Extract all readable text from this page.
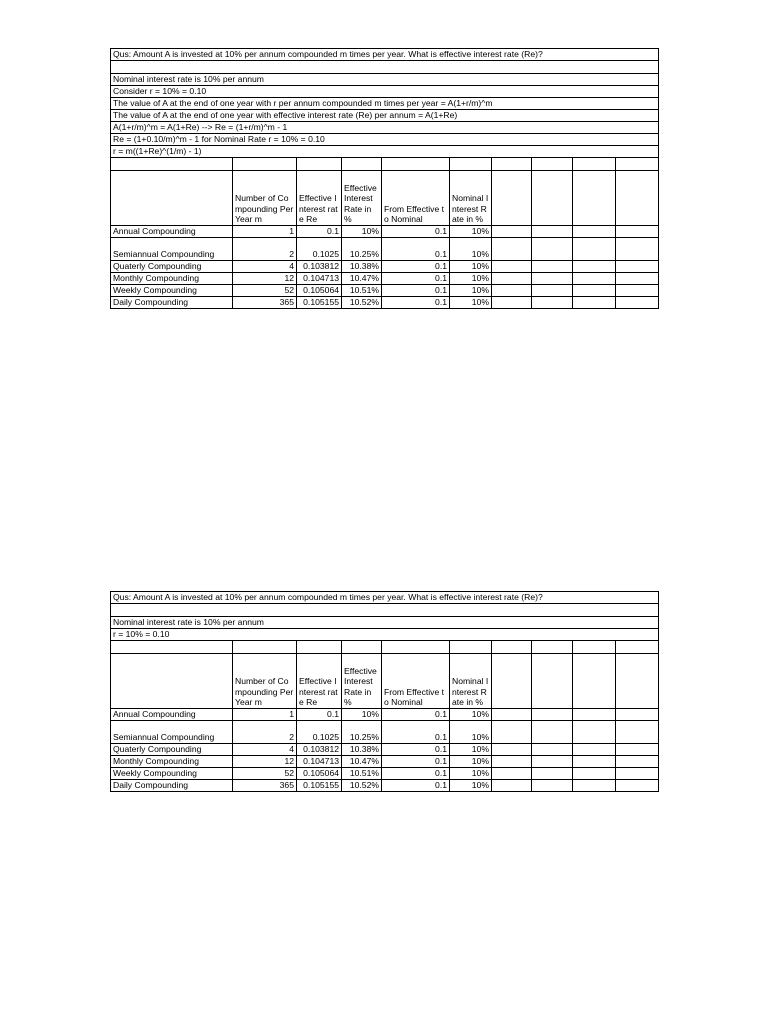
Qus: Amount A is invested at 10% per annum compounded m times per year. What is effective interest rate (Re)?									

Nominal interest rate is 10% per annum									
Consider r = 10% = 0.10									
The value of A at the end of one year with r per annum compounded m times per year = A(1+r/m)^m									
The value of A at the end of one year with effective interest rate (Re) per annum = A(1+Re)									
A(1+r/m)^m = A(1+Re) --> Re = (1+r/m)^m - 1									
Re = (1+0.10/m)^m - 1 for Nominal Rate r = 10% = 0.10									
r = m((1+Re)^(1/m) - 1)									

	Number of Compounding Per Year m	Effective Interest rate Re	Effective Interest Rate in %	From Effective to Nominal	Nominal Interest Rate in %				
Annual Compounding	1	0.1	10%	0.1	10%				
Semiannual Compounding	2	0.1025	10.25%	0.1	10%				
Quaterly Compounding	4	0.103812	10.38%	0.1	10%				
Monthly Compounding	12	0.104713	10.47%	0.1	10%				
Weekly Compounding	52	0.105064	10.51%	0.1	10%				
Daily Compounding	365	0.105155	10.52%	0.1	10%				
Qus: Amount A is invested at 10% per annum compounded m times per year. What is effective interest rate (Re)?									

Nominal interest rate is 10% per annum									
r = 10% = 0.10									

	Number of Compounding Per Year m	Effective Interest rate Re	Effective Interest Rate in %	From Effective to Nominal	Nominal Interest Rate in %				
Annual Compounding	1	0.1	10%	0.1	10%				
Semiannual Compounding	2	0.1025	10.25%	0.1	10%				
Quaterly Compounding	4	0.103812	10.38%	0.1	10%				
Monthly Compounding	12	0.104713	10.47%	0.1	10%				
Weekly Compounding	52	0.105064	10.51%	0.1	10%				
Daily Compounding	365	0.105155	10.52%	0.1	10%				
